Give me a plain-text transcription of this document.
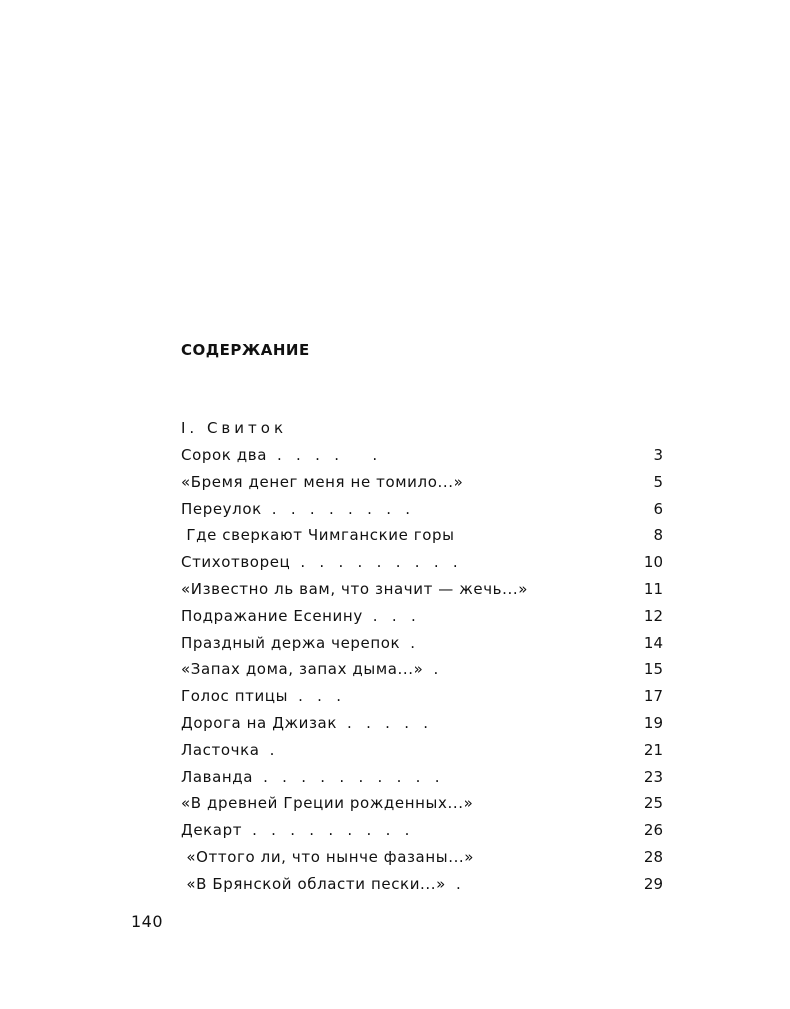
СОДЕРЖАНИЕ
I. Свиток
Сорок два .   .   .   .       .	3
«Бремя денег меня не томило...»	5
Переулок .   .   .   .   .   .   .   .	6
Где сверкают Чимганские горы	8
Стихотворец .   .   .   .   .   .   .   .   .	10
«Известно ль вам, что значит — жечь...»	11
Подражание Есенину .   .   .	12
Праздный держа черепок .	14
«Запах дома, запах дыма...» .	15
Голос птицы .   .   .	17
Дорога на Джизак .   .   .   .   .	19
Ласточка .	21
Лаванда .   .   .   .   .   .   .   .   .   .	23
«В древней Греции рожденных...»	25
Декарт .   .   .   .   .   .   .   .   .	26
«Оттого ли, что нынче фазаны...»	28
«В Брянской области пески...» .	29
140
